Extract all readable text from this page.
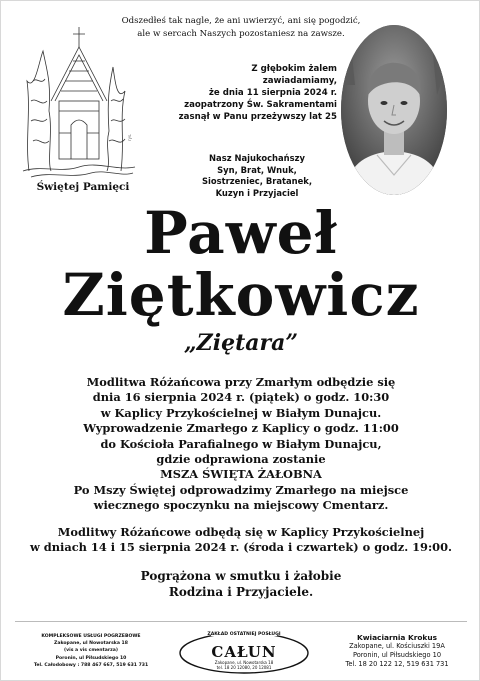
rys.
Odszedłeś tak nagle, że ani uwierzyć, ani się pogodzić,
ale w sercach Naszych pozostaniesz na zawsze.
Z głębokim żalem zawiadamiamy,
że dnia 11 sierpnia 2024 r.
zaopatrzony Św. Sakramentami
zasnął w Panu przeżywszy lat 25
Nasz Najukochańszy
Syn, Brat, Wnuk,
Siostrzeniec, Bratanek,
Kuzyn i Przyjaciel
Świętej Pamięci
Paweł
Ziętkowicz
„Ziętara”
Modlitwa Różańcowa przy Zmarłym odbędzie się
dnia 16 sierpnia 2024 r. (piątek) o godz. 10:30
w Kaplicy Przykościelnej w Białym Dunajcu.
Wyprowadzenie Zmarłego z Kaplicy o godz. 11:00
do Kościoła Parafialnego w Białym Dunajcu,
gdzie odprawiona zostanie
MSZA ŚWIĘTA ŻAŁOBNA
Po Mszy Świętej odprowadzimy Zmarłego na miejsce
wiecznego spoczynku na miejscowy Cmentarz.
Modlitwy Różańcowe odbędą się w Kaplicy Przykościelnej
w dniach 14 i 15 sierpnia 2024 r. (środa i czwartek) o godz. 19:00.
Pogrążona w smutku i żałobie
Rodzina i Przyjaciele.
KOMPLEKSOWE USŁUGI POGRZEBOWE
Zakopane, ul Nowotarska 18
(vis a vis cmentarza)
Poronin, ul Piłsudskiego 10
Tel. Całodobowy : 788 467 667, 519 631 731
ZAKŁAD OSTATNIEJ POSŁUGI
CAŁUN
Zakopane, ul. Nowotarska 18
tel. 18 20 12080, 20 12081
Kwiaciarnia Krokus
Zakopane, ul. Kościuszki 19A
Poronin, ul Piłsudskiego 10
Tel. 18 20 122 12, 519 631 731
